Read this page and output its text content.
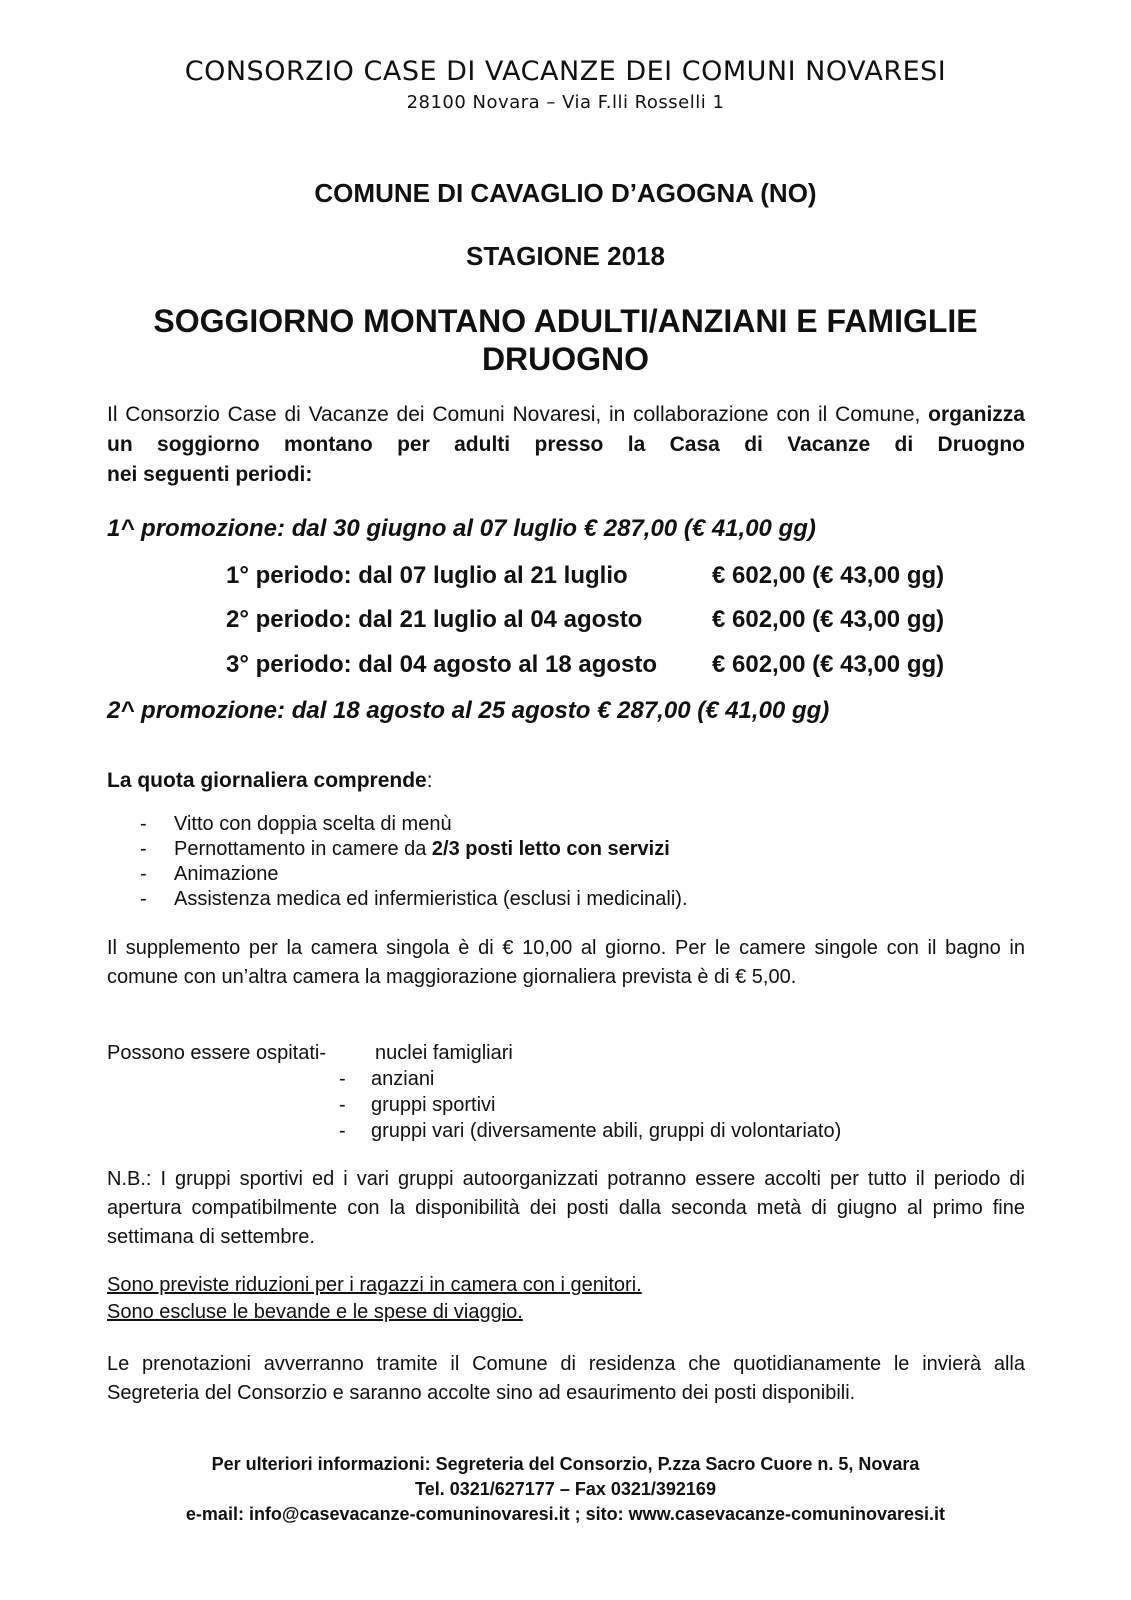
CONSORZIO CASE DI VACANZE DEI COMUNI NOVARESI
28100 Novara – Via F.lli Rosselli 1
COMUNE DI CAVAGLIO D’AGOGNA (NO)
STAGIONE 2018
SOGGIORNO MONTANO ADULTI/ANZIANI E FAMIGLIE
DRUOGNO
Il Consorzio Case di Vacanze dei Comuni Novaresi, in collaborazione con il Comune, organizza un soggiorno montano per adulti presso la Casa di Vacanze di Druogno
nei seguenti periodi:
1^ promozione: dal 30 giugno al 07 luglio € 287,00 (€ 41,00 gg)
1° periodo: dal 07 luglio al 21 luglio	€ 602,00 (€ 43,00 gg)
2° periodo: dal 21 luglio al 04 agosto	€ 602,00 (€ 43,00 gg)
3° periodo: dal 04 agosto al 18 agosto € 602,00 (€ 43,00 gg)
2^ promozione: dal 18 agosto al 25 agosto € 287,00 (€ 41,00 gg)
La quota giornaliera comprende:
- Vitto con doppia scelta di menù
- Pernottamento in camere da 2/3 posti letto con servizi
- Animazione
- Assistenza medica ed infermieristica (esclusi i medicinali).
Il supplemento per la camera singola è di € 10,00 al giorno. Per le camere singole con il bagno in comune con un’altra camera la maggiorazione giornaliera prevista è di € 5,00.
Possono essere ospitati- nuclei famigliari
- anziani
- gruppi sportivi
- gruppi vari (diversamente abili, gruppi di volontariato)
N.B.: I gruppi sportivi ed i vari gruppi autoorganizzati potranno essere accolti per tutto il periodo di apertura compatibilmente con la disponibilità dei posti dalla seconda metà di giugno al primo fine settimana di settembre.
Sono previste riduzioni per i ragazzi in camera con i genitori.
Sono escluse le bevande e le spese di viaggio.
Le prenotazioni avverranno tramite il Comune di residenza che quotidianamente le invierà alla Segreteria del Consorzio e saranno accolte sino ad esaurimento dei posti disponibili.
Per ulteriori informazioni: Segreteria del Consorzio, P.zza Sacro Cuore n. 5, Novara
Tel. 0321/627177 – Fax 0321/392169
e-mail: info@casevacanze-comuninovaresi.it ; sito: www.casevacanze-comuninovaresi.it
